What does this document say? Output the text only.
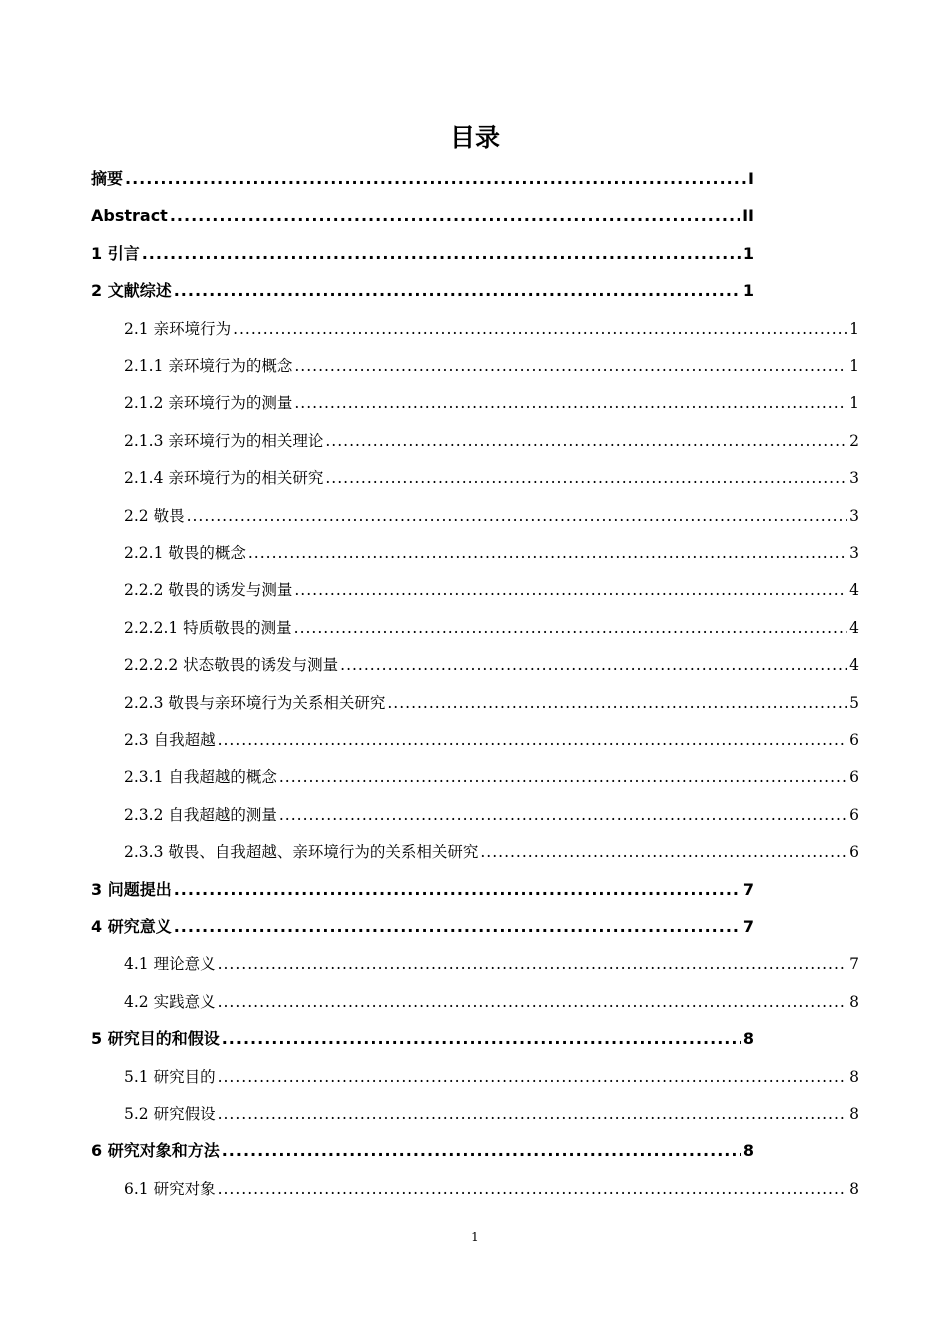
目录
摘要 .....	I
Abstract .....	II
1 引言 .....	1
2 文献综述 .....	1
2.1 亲环境行为 .....	1
2.1.1 亲环境行为的概念 .....	1
2.1.2 亲环境行为的测量 .....	1
2.1.3 亲环境行为的相关理论 .....	2
2.1.4 亲环境行为的相关研究 .....	3
2.2 敬畏 .....	3
2.2.1 敬畏的概念 .....	3
2.2.2 敬畏的诱发与测量 .....	4
2.2.2.1 特质敬畏的测量 .....	4
2.2.2.2 状态敬畏的诱发与测量 .....	4
2.2.3 敬畏与亲环境行为关系相关研究 .....	5
2.3 自我超越 .....	6
2.3.1 自我超越的概念 .....	6
2.3.2 自我超越的测量 .....	6
2.3.3 敬畏、自我超越、亲环境行为的关系相关研究 .....	6
3 问题提出 .....	7
4 研究意义 .....	7
4.1 理论意义 .....	7
4.2 实践意义 .....	8
5 研究目的和假设 .....	8
5.1 研究目的 .....	8
5.2 研究假设 .....	8
6 研究对象和方法 .....	8
6.1 研究对象 .....	8
1
